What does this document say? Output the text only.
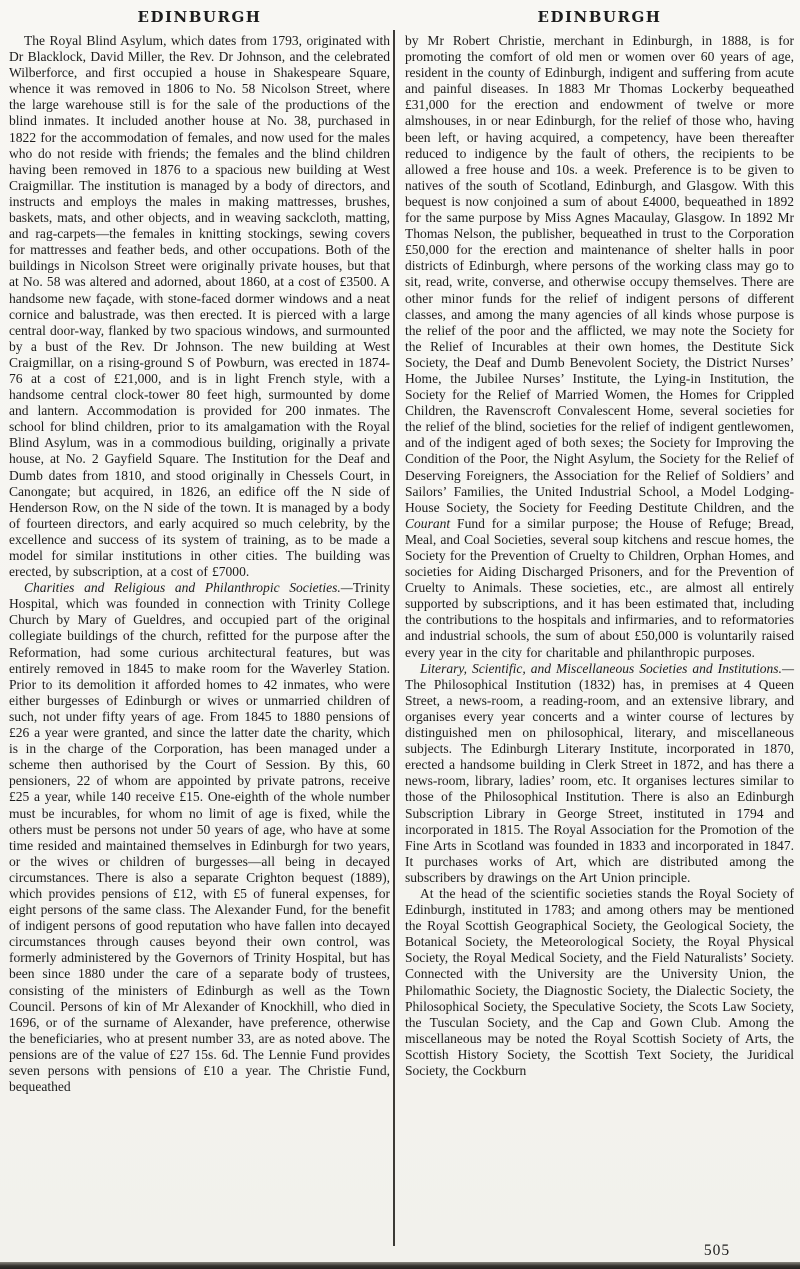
EDINBURGH

The Royal Blind Asylum, which dates from 1793, originated with Dr Blacklock, David Miller, the Rev. Dr Johnson, and the celebrated Wilberforce, and first occupied a house in Shakespeare Square, whence it was removed in 1806 to No. 58 Nicolson Street, where the large warehouse still is for the sale of the productions of the blind inmates. It included another house at No. 38, purchased in 1822 for the accommodation of females, and now used for the males who do not reside with friends; the females and the blind children having been removed in 1876 to a spacious new building at West Craigmillar. The institution is managed by a body of directors, and instructs and employs the males in making mattresses, brushes, baskets, mats, and other objects, and in weaving sackcloth, matting, and rag-carpets—the females in knitting stockings, sewing covers for mattresses and feather beds, and other occupations. Both of the buildings in Nicolson Street were originally private houses, but that at No. 58 was altered and adorned, about 1860, at a cost of £3500. A handsome new façade, with stone-faced dormer windows and a neat cornice and balustrade, was then erected. It is pierced with a large central door-way, flanked by two spacious windows, and surmounted by a bust of the Rev. Dr Johnson. The new building at West Craigmillar, on a rising-ground S of Powburn, was erected in 1874-76 at a cost of £21,000, and is in light French style, with a handsome central clock-tower 80 feet high, surmounted by dome and lantern. Accommodation is provided for 200 inmates. The school for blind children, prior to its amalgamation with the Royal Blind Asylum, was in a commodious building, originally a private house, at No. 2 Gayfield Square. The Institution for the Deaf and Dumb dates from 1810, and stood originally in Chessels Court, in Canongate; but acquired, in 1826, an edifice off the N side of Henderson Row, on the N side of the town. It is managed by a body of fourteen directors, and early acquired so much celebrity, by the excellence and success of its system of training, as to be made a model for similar institutions in other cities. The building was erected, by subscription, at a cost of £7000.

Charities and Religious and Philanthropic Societies.—Trinity Hospital, which was founded in connection with Trinity College Church by Mary of Gueldres, and occupied part of the original collegiate buildings of the church, refitted for the purpose after the Reformation, had some curious architectural features, but was entirely removed in 1845 to make room for the Waverley Station. Prior to its demolition it afforded homes to 42 inmates, who were either burgesses of Edinburgh or wives or unmarried children of such, not under fifty years of age. From 1845 to 1880 pensions of £26 a year were granted, and since the latter date the charity, which is in the charge of the Corporation, has been managed under a scheme then authorised by the Court of Session. By this, 60 pensioners, 22 of whom are appointed by private patrons, receive £25 a year, while 140 receive £15. One-eighth of the whole number must be incurables, for whom no limit of age is fixed, while the others must be persons not under 50 years of age, who have at some time resided and maintained themselves in Edinburgh for two years, or the wives or children of burgesses—all being in decayed circumstances. There is also a separate Crighton bequest (1889), which provides pensions of £12, with £5 of funeral expenses, for eight persons of the same class. The Alexander Fund, for the benefit of indigent persons of good reputation who have fallen into decayed circumstances through causes beyond their own control, was formerly administered by the Governors of Trinity Hospital, but has been since 1880 under the care of a separate body of trustees, consisting of the ministers of Edinburgh as well as the Town Council. Persons of kin of Mr Alexander of Knockhill, who died in 1696, or of the surname of Alexander, have preference, otherwise the beneficiaries, who at present number 33, are as noted above. The pensions are of the value of £27 15s. 6d. The Lennie Fund provides seven persons with pensions of £10 a year. The Christie Fund, bequeathed

EDINBURGH

by Mr Robert Christie, merchant in Edinburgh, in 1888, is for promoting the comfort of old men or women over 60 years of age, resident in the county of Edinburgh, indigent and suffering from acute and painful diseases. In 1883 Mr Thomas Lockerby bequeathed £31,000 for the erection and endowment of twelve or more almshouses, in or near Edinburgh, for the relief of those who, having been left, or having acquired, a competency, have been thereafter reduced to indigence by the fault of others, the recipients to be allowed a free house and 10s. a week. Preference is to be given to natives of the south of Scotland, Edinburgh, and Glasgow. With this bequest is now conjoined a sum of about £4000, bequeathed in 1892 for the same purpose by Miss Agnes Macaulay, Glasgow. In 1892 Mr Thomas Nelson, the publisher, bequeathed in trust to the Corporation £50,000 for the erection and maintenance of shelter halls in poor districts of Edinburgh, where persons of the working class may go to sit, read, write, converse, and otherwise occupy themselves. There are other minor funds for the relief of indigent persons of different classes, and among the many agencies of all kinds whose purpose is the relief of the poor and the afflicted, we may note the Society for the Relief of Incurables at their own homes, the Destitute Sick Society, the Deaf and Dumb Benevolent Society, the District Nurses’ Home, the Jubilee Nurses’ Institute, the Lying-in Institution, the Society for the Relief of Married Women, the Homes for Crippled Children, the Ravenscroft Convalescent Home, several societies for the relief of the blind, societies for the relief of indigent gentlewomen, and of the indigent aged of both sexes; the Society for Improving the Condition of the Poor, the Night Asylum, the Society for the Relief of Deserving Foreigners, the Association for the Relief of Soldiers’ and Sailors’ Families, the United Industrial School, a Model Lodging-House Society, the Society for Feeding Destitute Children, and the Courant Fund for a similar purpose; the House of Refuge; Bread, Meal, and Coal Societies, several soup kitchens and rescue homes, the Society for the Prevention of Cruelty to Children, Orphan Homes, and societies for Aiding Discharged Prisoners, and for the Prevention of Cruelty to Animals. These societies, etc., are almost all entirely supported by subscriptions, and it has been estimated that, including the contributions to the hospitals and infirmaries, and to reformatories and industrial schools, the sum of about £50,000 is voluntarily raised every year in the city for charitable and philanthropic purposes.

Literary, Scientific, and Miscellaneous Societies and Institutions.—The Philosophical Institution (1832) has, in premises at 4 Queen Street, a news-room, a reading-room, and an extensive library, and organises every year concerts and a winter course of lectures by distinguished men on philosophical, literary, and miscellaneous subjects. The Edinburgh Literary Institute, incorporated in 1870, erected a handsome building in Clerk Street in 1872, and has there a news-room, library, ladies’ room, etc. It organises lectures similar to those of the Philosophical Institution. There is also an Edinburgh Subscription Library in George Street, instituted in 1794 and incorporated in 1815. The Royal Association for the Promotion of the Fine Arts in Scotland was founded in 1833 and incorporated in 1847. It purchases works of Art, which are distributed among the subscribers by drawings on the Art Union principle.

At the head of the scientific societies stands the Royal Society of Edinburgh, instituted in 1783; and among others may be mentioned the Royal Scottish Geographical Society, the Geological Society, the Botanical Society, the Meteorological Society, the Royal Physical Society, the Royal Medical Society, and the Field Naturalists’ Society. Connected with the University are the University Union, the Philomathic Society, the Diagnostic Society, the Dialectic Society, the Philosophical Society, the Speculative Society, the Scots Law Society, the Tusculan Society, and the Cap and Gown Club. Among the miscellaneous may be noted the Royal Scottish Society of Arts, the Scottish History Society, the Scottish Text Society, the Juridical Society, the Cockburn

505
